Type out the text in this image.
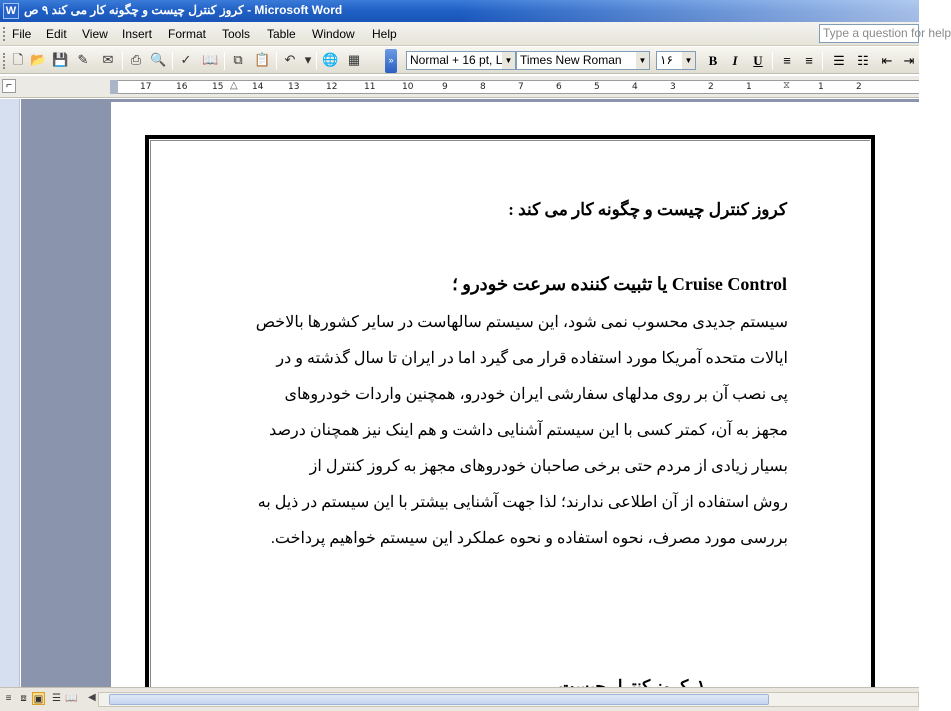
W کروز کنترل چیست و چگونه کار می کند ۹ ص - Microsoft Word
File Edit View Insert Format Tools Table Window Help	Type a question for help
🗋 📂 💾 ✎ ✉ ⎙ 🔍 ✓ 📖 ⧉ 📋 ↶ ▾ 🌐 ▦	»	Normal + 16 pt, L ▼ Times New Roman	▼	۱۶	▼	B	I	U	≡	≡	☰ ☷ ⇤ ⇥
⌐	17	16	15	14	13	12	11	10	9	8	7	6	5	4	3	2	1	⧖	1	2
△
کروز کنترل چیست و چگونه کار می کند :
Cruise Control یا تثبیت کننده سرعت خودرو ؛
سیستم جدیدی محسوب نمی شود، این سیستم سالهاست در سایر کشورها بالاخص
ایالات متحده آمریکا مورد استفاده قرار می گیرد اما در ایران تا سال گذشته و در
پی نصب آن بر روی مدلهای سفارشی ایران خودرو، همچنین واردات خودروهای
مجهز به آن، کمتر کسی با این سیستم آشنایی داشت و هم اینک نیز همچنان درصد
بسیار زیادی از مردم حتی برخی صاحبان خودروهای مجهز به کروز کنترل از
روش استفاده از آن اطلاعی ندارند؛ لذا جهت آشنایی بیشتر با این سیستم در ذیل به
بررسی مورد مصرف، نحوه استفاده و نحوه عملکرد این سیستم خواهیم پرداخت.
≡ ⧈ ▣ ☰ 📖 ◀
